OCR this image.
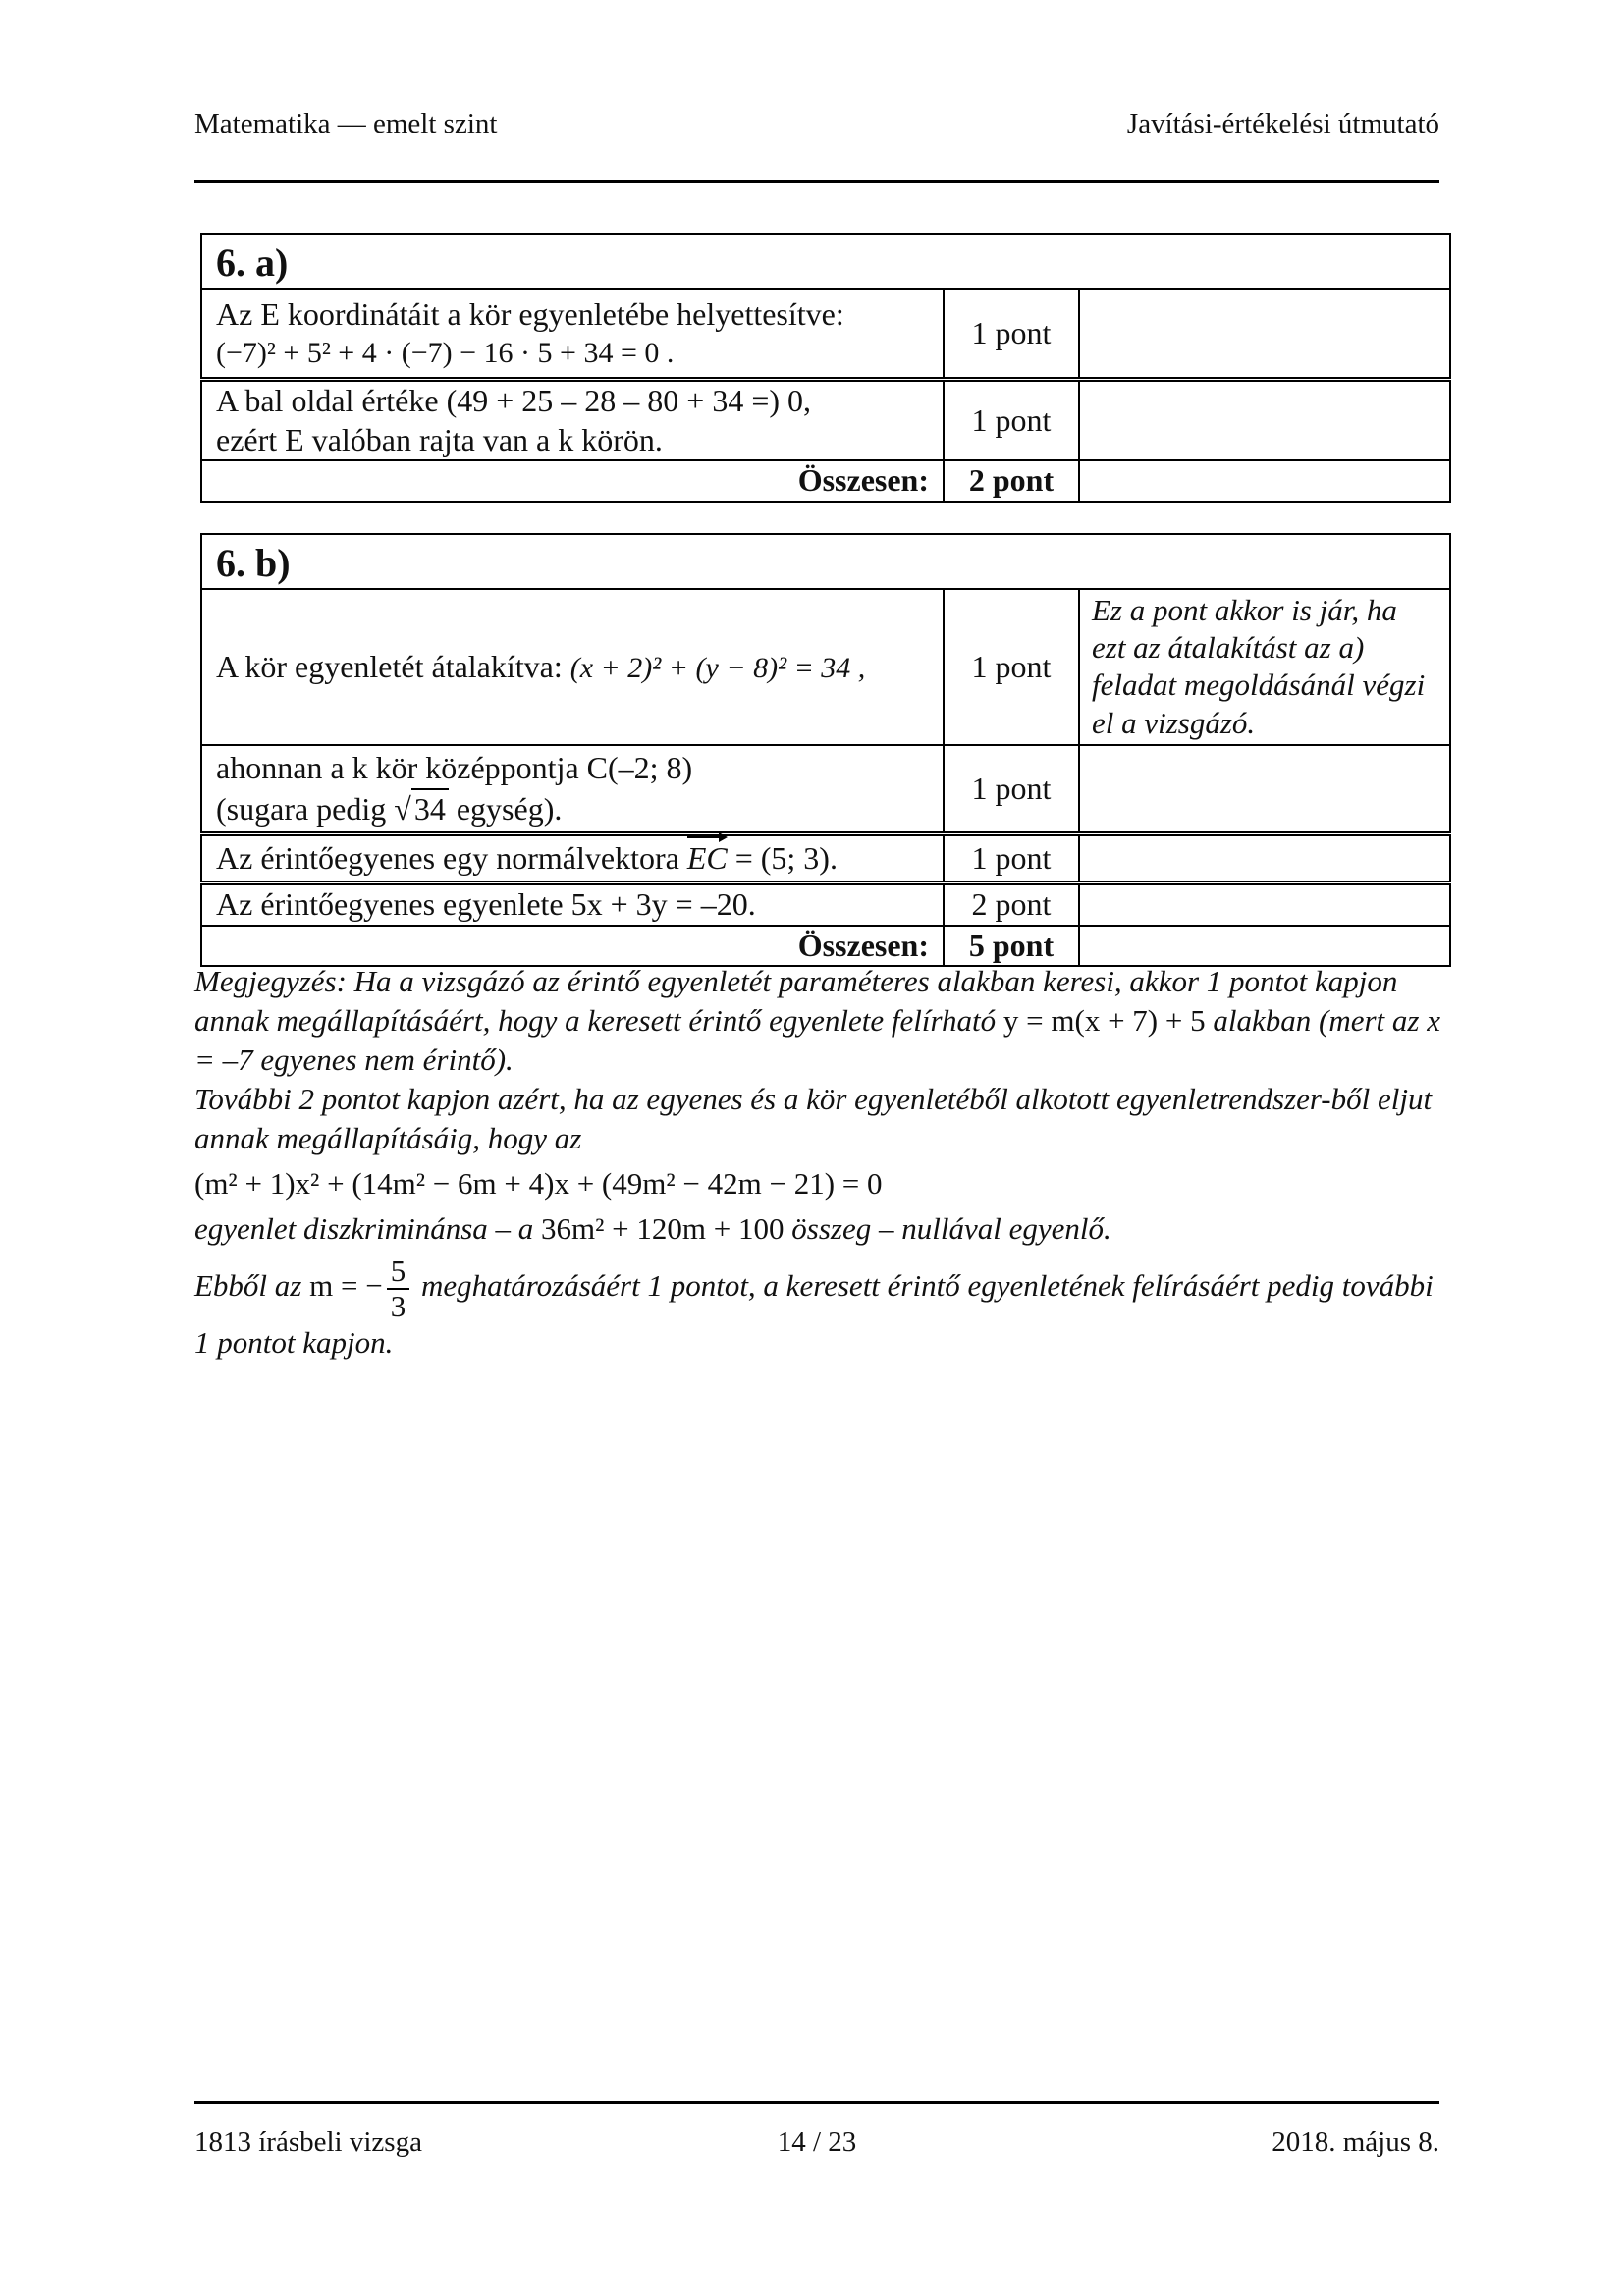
Matematika — emelt szint	Javítási-értékelési útmutató
6. a)		

Az E koordinátáit a kör egyenletébe helyettesítve:
(−7)² + 5² + 4 · (−7) − 16 · 5 + 34 = 0 .	1 pont	

A bal oldal értéke (49 + 25 – 28 – 80 + 34 =) 0,
ezért E valóban rajta van a k körön.	1 pont	
Összesen:	2 pont	
6. b)		
A kör egyenletét átalakítva: (x + 2)² + (y − 8)² = 34 ,	1 pont	Ez a pont akkor is jár, ha ezt az átalakítást az a) feladat megoldásánál végzi el a vizsgázó.

ahonnan a k kör középpontja C(–2; 8)
(sugara pedig √34 egység).	1 pont	
Az érintőegyenes egy normálvektora EC = (5; 3).	1 pont	
Az érintőegyenes egyenlete 5x + 3y = –20.	2 pont	
Összesen:	5 pont	
Megjegyzés: Ha a vizsgázó az érintő egyenletét paraméteres alakban keresi, akkor 1 pontot kapjon annak megállapításáért, hogy a keresett érintő egyenlete felírható y = m(x + 7) + 5 alakban (mert az x = –7 egyenes nem érintő).
További 2 pontot kapjon azért, ha az egyenes és a kör egyenletéből alkotott egyenletrendszer-ből eljut annak megállapításáig, hogy az
(m² + 1)x² + (14m² − 6m + 4)x + (49m² − 42m − 21) = 0
egyenlet diszkriminánsa – a 36m² + 120m + 100 összeg – nullával egyenlő.
Ebből az m = − $\frac{5}{3}$ meghatározásáért 1 pontot, a keresett érintő egyenletének felírásáért pedig további 1 pontot kapjon.
1813 írásbeli vizsga	14 / 23	2018. május 8.
